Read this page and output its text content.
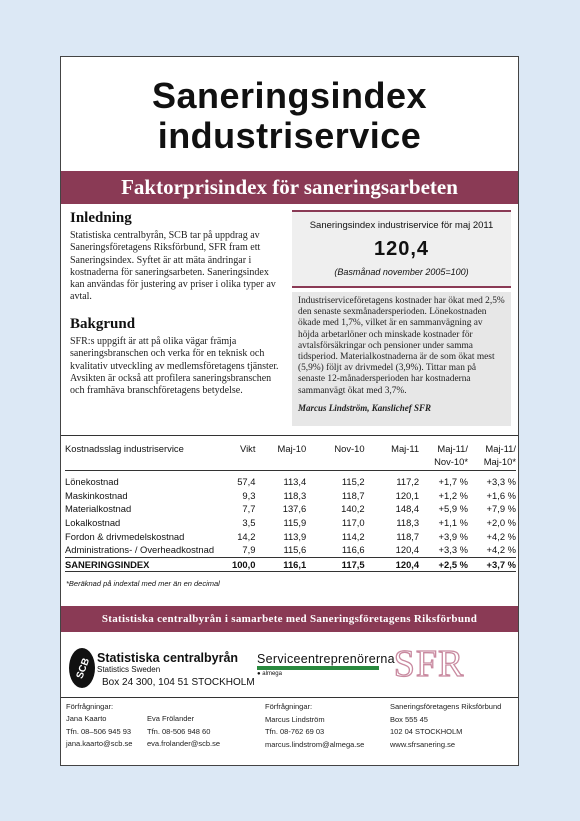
Saneringsindex
industriservice
Faktorprisindex för saneringsarbeten
Inledning
Statistiska centralbyrån, SCB tar på uppdrag av Saneringsföretagens Riksförbund, SFR fram ett Saneringsindex. Syftet är att mäta ändringar i kostnaderna för saneringsarbeten. Saneringsindex kan användas för justering av priser i olika typer av avtal.
Bakgrund
SFR:s uppgift är att på olika vägar främja saneringsbranschen och verka för en teknisk och kvalitativ utveckling av medlemsföretagens tjänster. Avsikten är också att profilera saneringsbranschen och framhäva branschföretagens betydelse.
Saneringsindex industriservice för maj 2011
120,4
(Basmånad november 2005=100)
Industriserviceföretagens kostnader har ökat med 2,5% den senaste sexmånadersperioden. Lönekostnaden ökade med 1,7%, vilket är en sammanvägning av höjda arbetarlöner och minskade kostnader för avtalsförsäkringar och pensioner under samma tidsperiod. Materialkostnaderna är de som ökat mest (5,9%) följt av drivmedel (3,9%). Tittar man på senaste 12-månadersperioden har kostnaderna sammanvägt ökat med 3,7%.
Marcus Lindström, Kanslichef SFR
Kostnadsslag industriservice	Vikt	Maj-10	Nov-10	Maj-11	Maj-11/ Nov-10*	Maj-11/ Maj-10*
Lönekostnad	57,4	113,4	115,2	117,2	+1,7 %	+3,3 %
Maskinkostnad	9,3	118,3	118,7	120,1	+1,2 %	+1,6 %
Materialkostnad	7,7	137,6	140,2	148,4	+5,9 %	+7,9 %
Lokalkostnad	3,5	115,9	117,0	118,3	+1,1 %	+2,0 %
Fordon & drivmedelskostnad	14,2	113,9	114,2	118,7	+3,9 %	+4,2 %
Administrations- / Overheadkostnad	7,9	115,6	116,6	120,4	+3,3 %	+4,2 %
SANERINGSINDEX	100,0	116,1	117,5	120,4	+2,5 %	+3,7 %
*Beräknad på indextal med mer än en decimal
Statistiska centralbyrån i samarbete med Saneringsföretagens Riksförbund
SCB Statistiska centralbyrån
Statistics Sweden
Box 24 300, 104 51 STOCKHOLM
Serviceentreprenörerna
● almega	SFR
Förfrågningar:
Jana Kaarto
Tfn. 08–506 945 93
jana.kaarto@scb.se
Eva Frölander
Tfn. 08-506 948 60
eva.frolander@scb.se
Förfrågningar:
Marcus Lindström
Tfn. 08-762 69 03
marcus.lindstrom@almega.se
Saneringsföretagens Riksförbund
Box 555 45
102 04 STOCKHOLM
www.sfrsanering.se
